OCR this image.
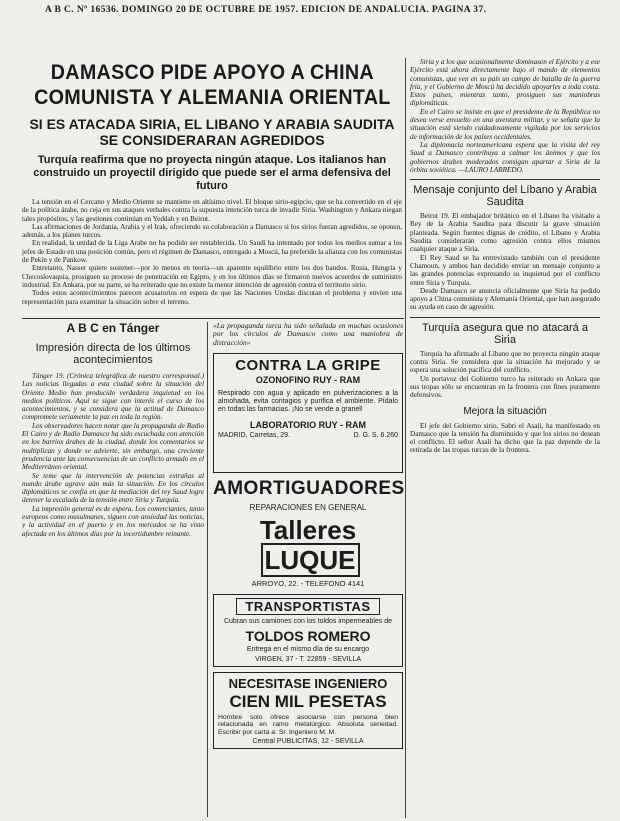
A B C. Nº 16536. DOMINGO 20 DE OCTUBRE DE 1957. EDICION DE ANDALUCIA. PAGINA 37.
DAMASCO PIDE APOYO A CHINA COMUNISTA Y ALEMANIA ORIENTAL
SI ES ATACADA SIRIA, EL LIBANO Y ARABIA SAUDITA SE CONSIDERARAN AGREDIDOS
Turquía reafirma que no proyecta ningún ataque. Los italianos han construido un proyectil dirigido que puede ser el arma defensiva del futuro

La tensión en el Cercano y Medio Oriente se mantiene en altísimo nivel. El bloque sirio-egipcio, que se ha convertido en el eje de la política árabe, no ceja en sus ataques verbales contra la supuesta intención turca de invadir Siria. Washington y Ankara niegan tales propósitos, y las gestiones continúan en Yeddah y en Beirut.

Las afirmaciones de Jordania, Arabia y el Irak, ofreciendo su colaboración a Damasco si los sirios fueran agredidos, se oponen, además, a los planes turcos.

En realidad, la unidad de la Liga Arabe no ha podido ser restablecida. Un Saudí ha intentado por todos los medios sumar a los jefes de Estado en una posición común, pero el régimen de Damasco, entregado a Moscú, ha preferido la alianza con los comunistas de Pekín y de Pankow.

Entretanto, Nasser quiere sostener—por lo menos en teoría—un aparente equilibrio entre los dos bandos. Rusia, Hungría y Checoslovaquia, prosiguen su proceso de penetración en Egipto, y en los últimos días se firmaron nuevos acuerdos de suministro industrial. En Ankara, por su parte, se ha reiterado que no existe la menor intención de agresión contra el territorio sirio.

Todos estos acontecimientos parecen acusatorios en espera de que las Naciones Unidas discutan el problema y envíen una representación para examinar la situación sobre el terreno.

A B C en Tánger
Impresión directa de los últimos acontecimientos

Tánger 19. (Crónica telegráfica de nuestro corresponsal.) Las noticias llegadas a esta ciudad sobre la situación del Oriente Medio han producido verdadera inquietud en los medios políticos. Aquí se sigue con interés el curso de los acontecimientos, y se considera que la actitud de Damasco compromete seriamente la paz en toda la región.

Los observadores hacen notar que la propaganda de Radio El Cairo y de Radio Damasco ha sido escuchada con atención en los barrios árabes de la ciudad, donde los comentarios se multiplican y donde se advierte, sin embargo, una creciente prudencia ante las consecuencias de un conflicto armado en el Mediterráneo oriental.

Se teme que la intervención de potencias extrañas al mundo árabe agrave aún más la situación. En los círculos diplomáticos se confía en que la mediación del rey Saud logre detener la escalada de la tensión entre Siria y Turquía.

La impresión general es de espera. Los comerciantes, tanto europeos como musulmanes, siguen con ansiedad las noticias, y la actividad en el puerto y en los mercados se ha visto afectada en los últimos días por la incertidumbre reinante.

«La propaganda turca ha sido señalada en muchas ocasiones por los círculos de Damasco como una maniobra de distracción»

CONTRA LA GRIPE
OZONOFINO RUY - RAM
Respirado con agua y aplicado en pulverizaciones a la almohada, evita contagios y purifica el ambiente. Pídalo en todas las farmacias. ¡No se vende a granel!
LABORATORIO RUY - RAM
MADRID, Carretas, 29.	D. G. S. 6.260
AMORTIGUADORES
REPARACIONES EN GENERAL
Talleres LUQUE
ARROYO, 22. - TELEFONO 4141
TRANSPORTISTAS
Cubran sus camiones con los toldos impermeables de
TOLDOS ROMERO
Entrega en el mismo día de su encargo
VIRGEN, 37 - T. 22859 - SEVILLA
NECESITASE INGENIERO
CIEN MIL PESETAS
Hombre solo ofrece asociarse con persona bien relacionada en ramo metalúrgico. Absoluta seriedad. Escribir por carta a: Sr. Ingeniero M. M.
Central PUBLICITAS, 12 - SEVILLA

Siria y a los que ocasionalmente dominasen el Ejército y a ese Ejército está ahora directamente bajo el mando de elementos comunistas, que ven en su país un campo de batalla de la guerra fría, y el Gobierno de Moscú ha decidido apoyarles a toda costa. Estos países, mientras tanto, prosiguen sus maniobras diplomáticas.

En el Cairo se insiste en que el presidente de la República no desea verse envuelto en una aventura militar, y se señala que la situación está siendo cuidadosamente vigilada por los servicios de información de los países occidentales.

La diplomacia norteamericana espera que la visita del rey Saud a Damasco contribuya a calmar los ánimos y que los gobiernos árabes moderados consigan apartar a Siria de la órbita soviética. —LAURO LARREDO.

Mensaje conjunto del Líbano y Arabia Saudita

Beirut 19. El embajador británico en el Líbano ha visitado a Rey de la Arabia Saudita para discutir la grave situación planteada. Según fuentes dignas de crédito, el Líbano y Arabia Saudita considerarán como agresión contra ellos mismos cualquier ataque a Siria.

El Rey Saud se ha entrevistado también con el presidente Chamoun, y ambos han decidido enviar un mensaje conjunto a las grandes potencias expresando su inquietud por el conflicto entre Siria y Turquía.

Desde Damasco se anuncia oficialmente que Siria ha pedido apoyo a China comunista y Alemania Oriental, que han asegurado su ayuda en caso de agresión.

Turquía asegura que no atacará a Siria

Turquía ha afirmado al Líbano que no proyecta ningún ataque contra Siria. Se considera que la situación ha mejorado y se espera una solución pacífica del conflicto.

Un portavoz del Gobierno turco ha reiterado en Ankara que sus tropas sólo se encuentran en la frontera con fines puramente defensivos.

Mejora la situación

El jefe del Gobierno sirio, Sabri el Asali, ha manifestado en Damasco que la tensión ha disminuido y que los sirios no desean el conflicto. El señor Asali ha dicho que la paz depende de la retirada de las tropas turcas de la frontera.
